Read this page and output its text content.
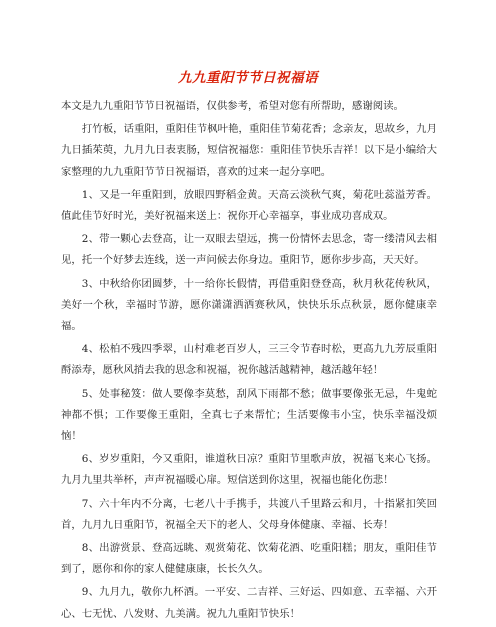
九九重阳节节日祝福语

本文是九九重阳节节日祝福语，仅供参考，希望对您有所帮助，感谢阅读。

打竹板，话重阳，重阳佳节枫叶艳，重阳佳节菊花香；念亲友，思故乡，九月九日插茱萸，九月九日表衷肠，短信祝福您：重阳佳节快乐吉祥！以下是小编给大家整理的九九重阳节节日祝福语，喜欢的过来一起分享吧。

1、又是一年重阳到，放眼四野稻金黄。天高云淡秋气爽，菊花吐蕊溢芳香。值此佳节好时光，美好祝福来送上：祝你开心幸福享，事业成功喜成双。

2、带一颗心去登高，让一双眼去望远，携一份情怀去思念，寄一缕清风去相见，托一个好梦去连线，送一声问候去你身边。重阳节，愿你步步高，天天好。

3、中秋给你团圆梦，十一给你长假情，再借重阳登登高，秋月秋花传秋风，美好一个秋，幸福时节游，愿你潇潇洒洒赛秋风，快快乐乐点秋景，愿你健康幸福。

4、松柏不残四季翠，山村难老百岁人，三三令节春时松，更高九九芳辰重阳酹添寿，愿秋风捎去我的思念和祝福，祝你越活越精神，越活越年轻！

5、处事秘笈：做人要像李莫愁，刮风下雨都不愁；做事要像张无忌，牛鬼蛇神都不惧；工作要像王重阳，全真七子来帮忙；生活要像韦小宝，快乐幸福没烦恼！

6、岁岁重阳，今又重阳，谁道秋日凉？重阳节里歌声放，祝福飞来心飞扬。九月九里共举杯，声声祝福暖心扉。短信送到你这里，祝福也能化伤悲！

7、六十年内不分离，七老八十手携手，共渡八千里路云和月，十指紧扣笑回首，九月九日重阳节，祝福全天下的老人、父母身体健康、幸福、长寿！

8、出游赏景、登高远眺、观赏菊花、饮菊花酒、吃重阳糕；朋友，重阳佳节到了，愿你和你的家人健健康康，长长久久。

9、九月九，敬你九杯酒。一平安、二吉祥、三好运、四如意、五幸福、六开心、七无忧、八发财、九美满。祝九九重阳节快乐！
